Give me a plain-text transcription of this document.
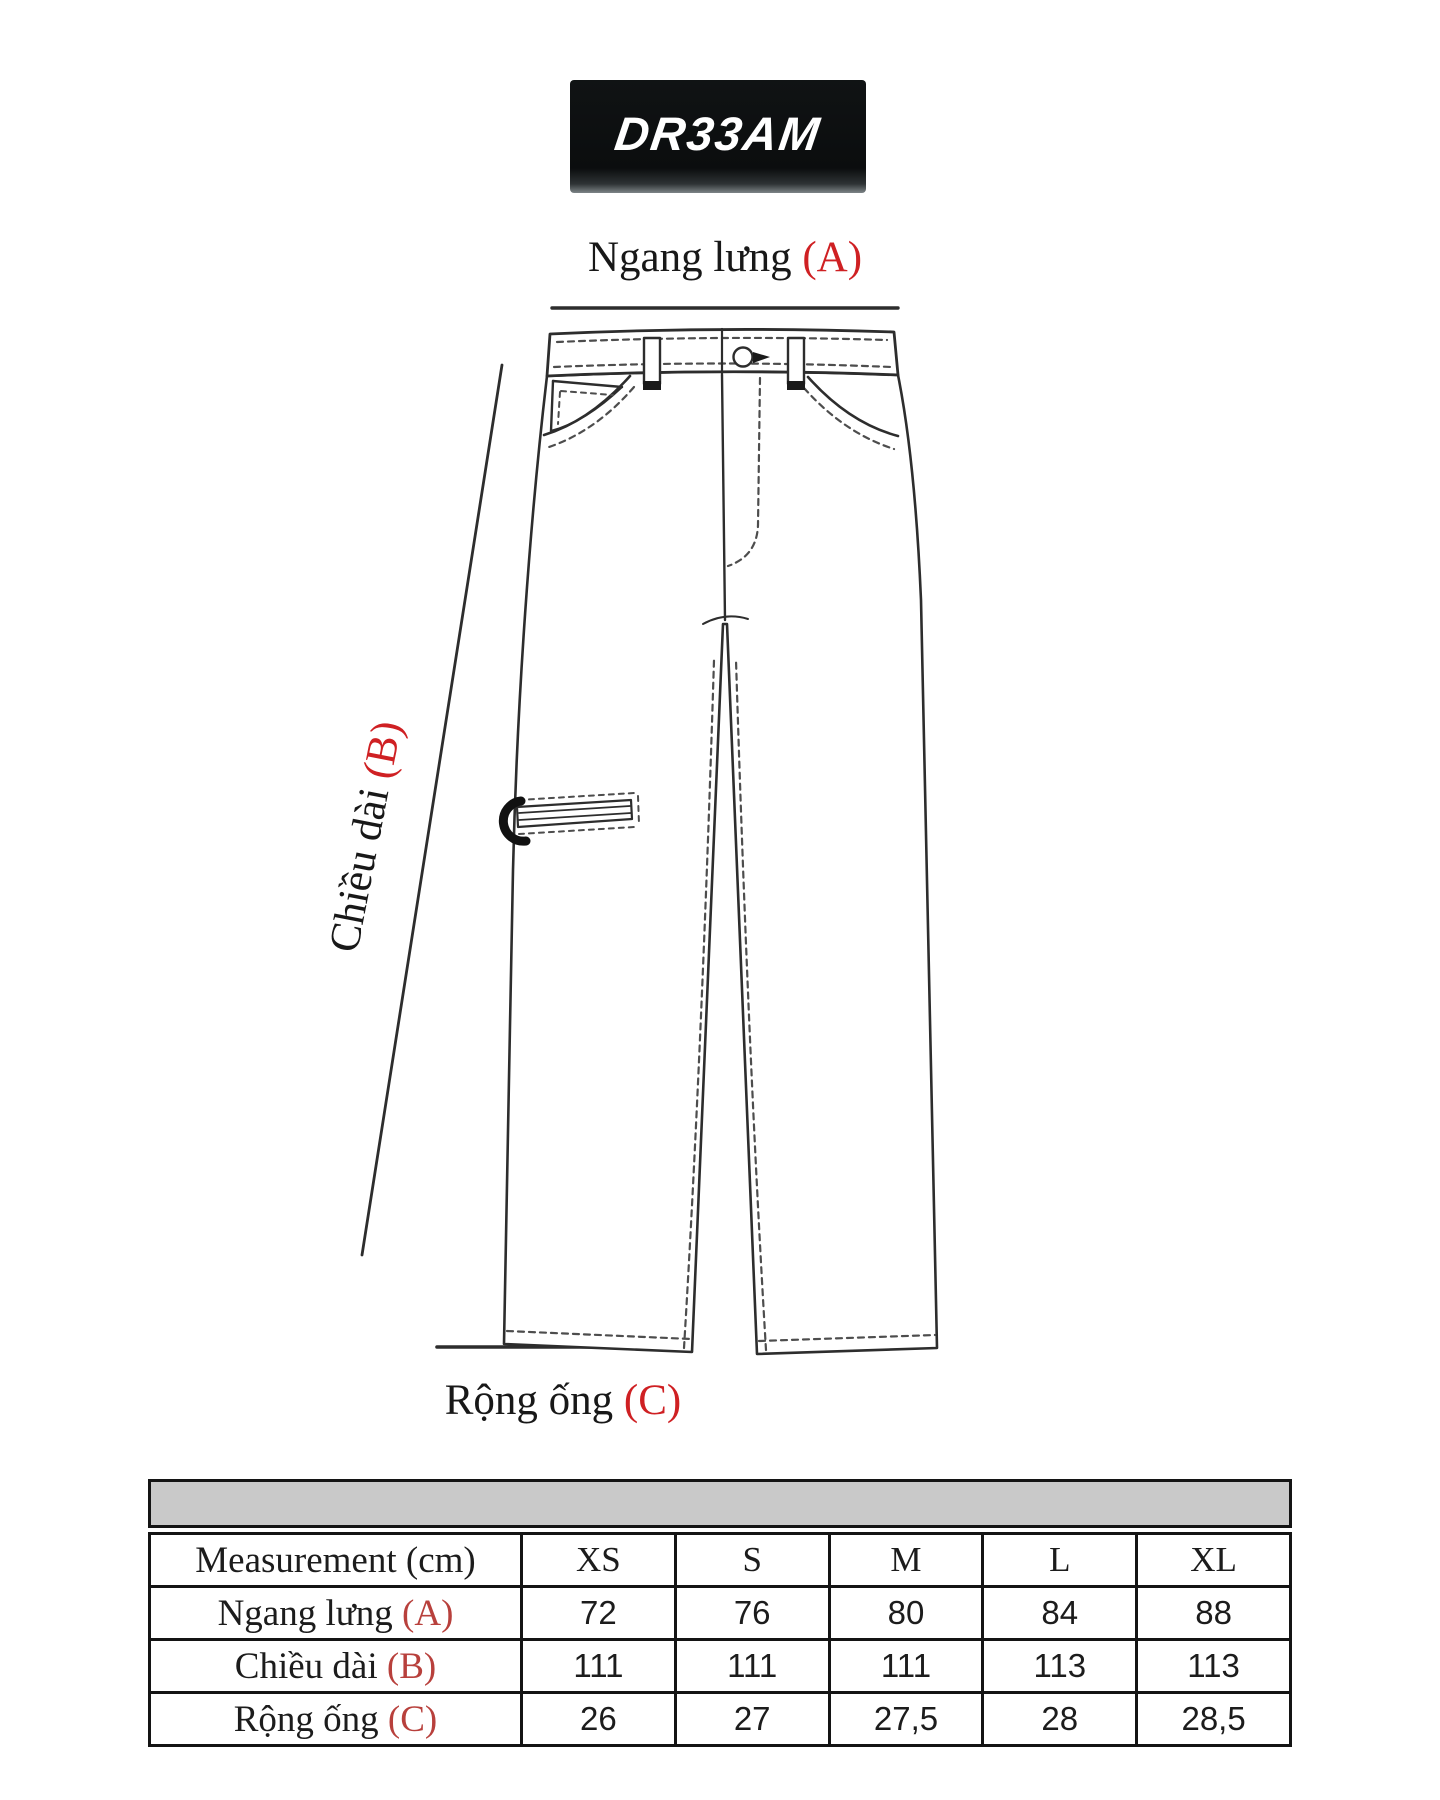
DR33AM
Ngang lưng (A)
Chiều dài (B)
Rộng ống (C)
Measurement (cm)	XS	S	M	L	XL
Ngang lưng (A)	72	76	80	84	88
Chiều dài (B)	111	111	111	113	113
Rộng ống (C)	26	27	27,5	28	28,5
